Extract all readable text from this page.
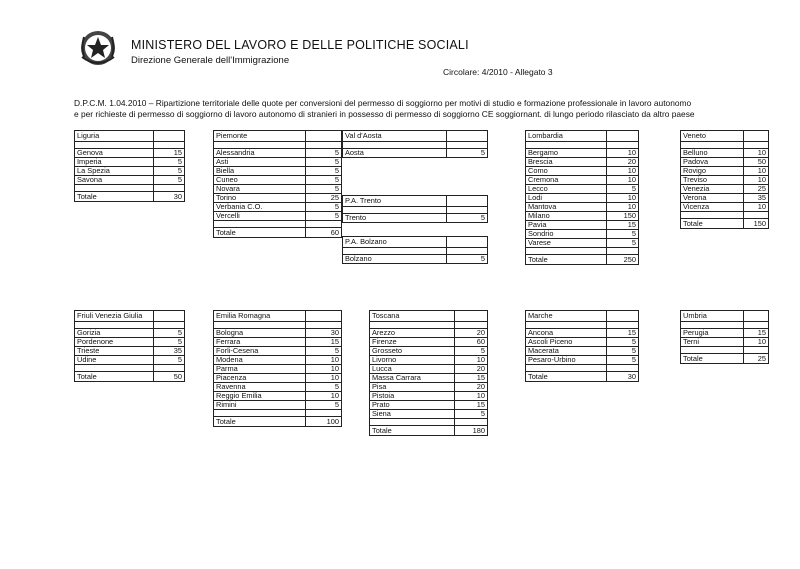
MINISTERO DEL LAVORO E DELLE POLITICHE SOCIALI
Direzione Generale dell'Immigrazione
Circolare: 4/2010 - Allegato 3
D.P.C.M. 1.04.2010 – Ripartizione territoriale delle quote per conversioni del permesso di soggiorno per motivi di studio e formazione professionale in lavoro autonomo
e per richieste di permesso di soggiorno di lavoro autonomo di stranieri in possesso di permesso di soggiorno CE soggiornant. di lungo periodo rilasciato da altro paese
Liguria	

Genova	15
Imperia	5
La Spezia	5
Savona	5

Totale	30
Piemonte	

Alessandria	5
Asti	5
Biella	5
Cuneo	5
Novara	5
Torino	25
Verbania C.O.	5
Vercelli	5

Totale	60
Val d'Aosta	

Aosta	5
P.A. Trento	

Trento	5
P.A. Bolzano	

Bolzano	5
Lombardia	

Bergamo	10
Brescia	20
Como	10
Cremona	10
Lecco	5
Lodi	10
Mantova	10
Milano	150
Pavia	15
Sondrio	5
Varese	5

Totale	250
Veneto	

Belluno	10
Padova	50
Rovigo	10
Treviso	10
Venezia	25
Verona	35
Vicenza	10

Totale	150
Friuli Venezia Giulia	

Gorizia	5
Pordenone	5
Trieste	35
Udine	5

Totale	50
Emilia Romagna	

Bologna	30
Ferrara	15
Forli-Cesena	5
Modena	10
Parma	10
Piacenza	10
Ravenna	5
Reggio Emilia	10
Rimini	5

Totale	100
Toscana	

Arezzo	20
Firenze	60
Grosseto	5
Livorno	10
Lucca	20
Massa Carrara	15
Pisa	20
Pistoia	10
Prato	15
Siena	5

Totale	180
Marche	

Ancona	15
Ascoli Piceno	5
Macerata	5
Pesaro-Urbino	5

Totale	30
Umbria	

Perugia	15
Terni	10

Totale	25
